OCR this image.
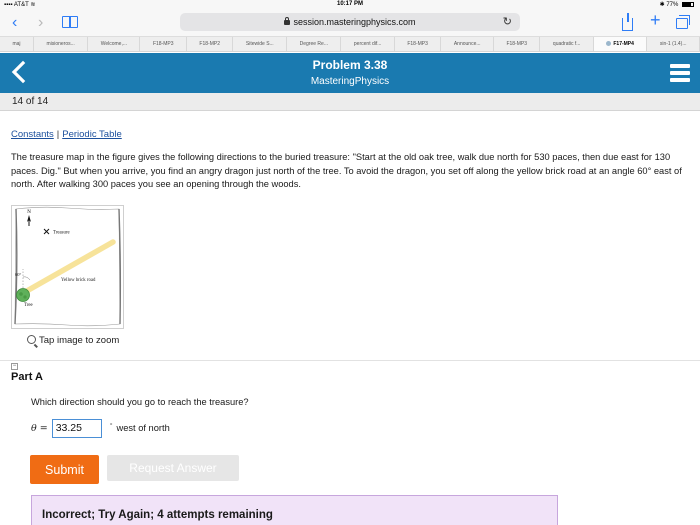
▪▪▪▪ AT&T ≋	10:17 PM	✱ 77%
‹ ›	session.masteringphysics.com	↻	+
maj	misioneros...	Welcome,...	F18-MP3	F18-MP2	Sitewide S...	Degree Re...	percent dif...	F18-MP3	Announce...	F18-MP3	quadratic f...	F17-MP4	sin-1 (1.4)...
Problem 3.38
MasteringPhysics
14 of 14
Constants | Periodic Table
The treasure map in the figure gives the following directions to the buried treasure: "Start at the old oak tree, walk due north for 530 paces, then due east for 130 paces. Dig." But when you arrive, you find an angry dragon just north of the tree. To avoid the dragon, you set off along the yellow brick road at an angle 60° east of north. After walking 300 paces you see an opening through the woods.
N
Treasure
60°
Yellow brick road
Tree
Tap image to zoom
−
Part A
Which direction should you go to reach the treasure?
θ =
33.25	° west of north
Submit	Request Answer
Incorrect; Try Again; 4 attempts remaining
